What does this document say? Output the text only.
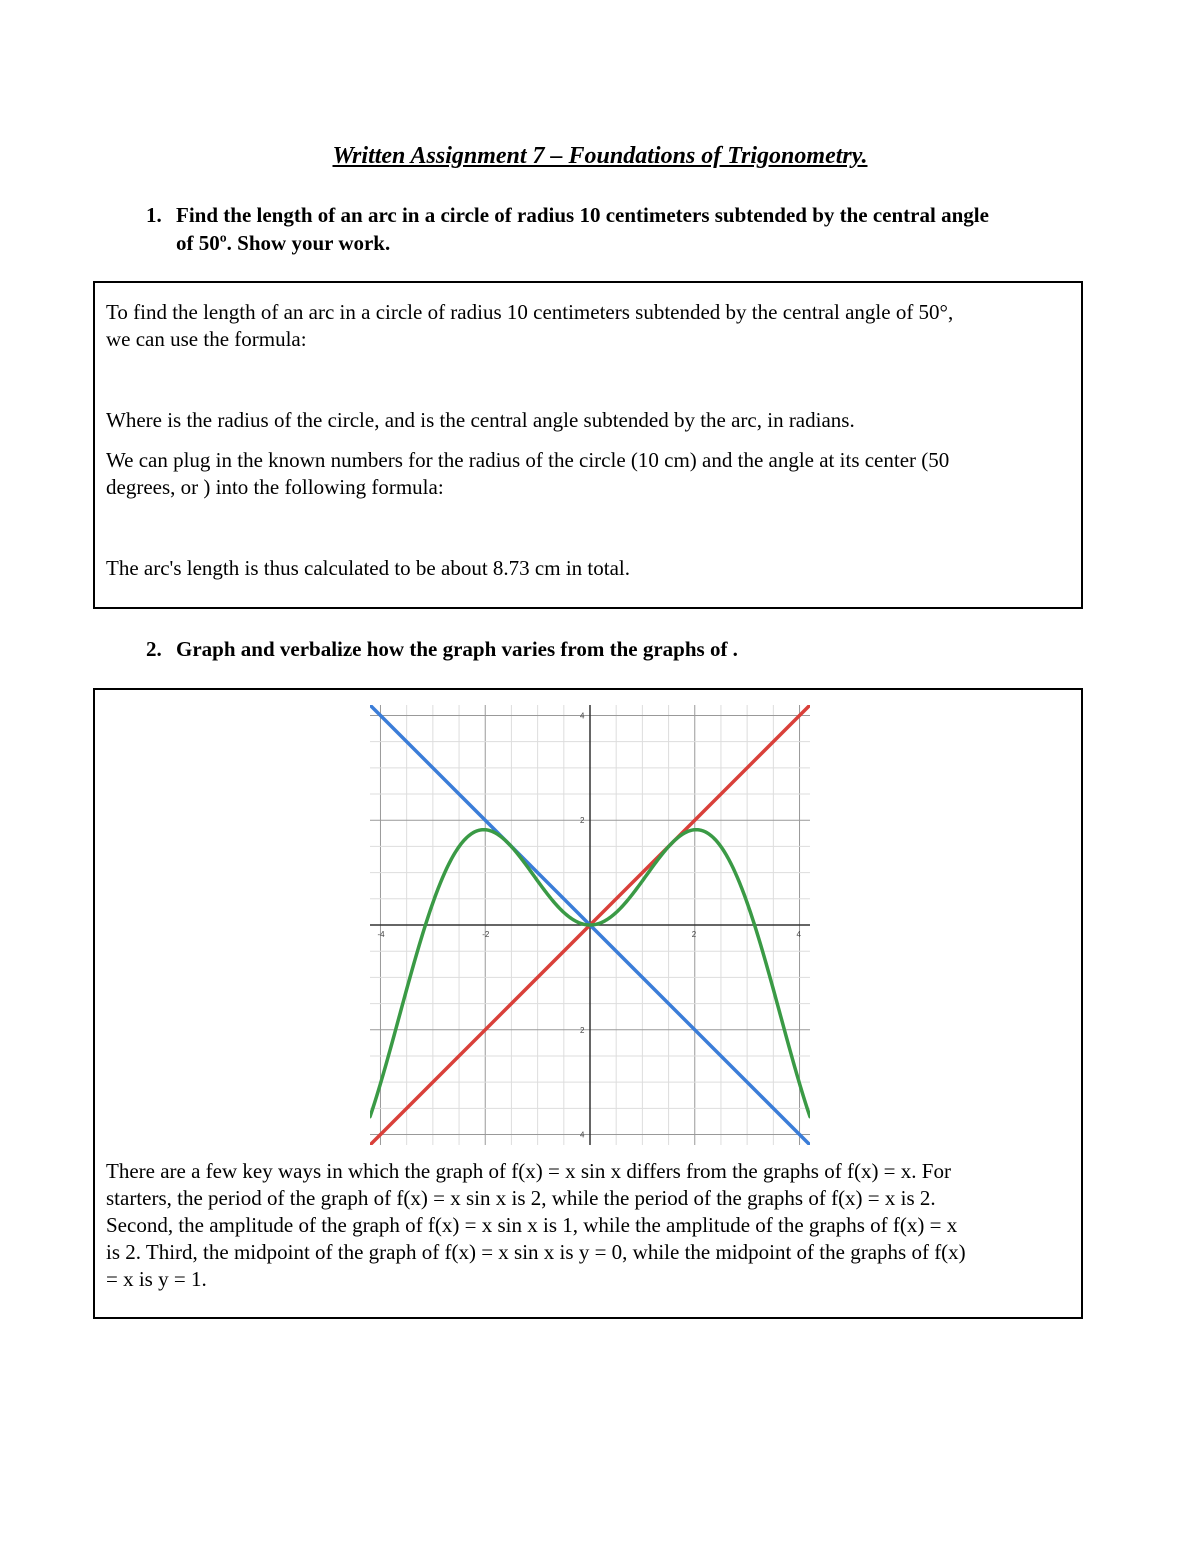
Written Assignment 7 – Foundations of Trigonometry.
1. Find the length of an arc in a circle of radius 10 centimeters subtended by the central angle
of 50º. Show your work.
To find the length of an arc in a circle of radius 10 centimeters subtended by the central angle of 50°,
we can use the formula:
Where is the radius of the circle, and is the central angle subtended by the arc, in radians.
We can plug in the known numbers for the radius of the circle (10 cm) and the angle at its center (50
degrees, or ) into the following formula:
The arc's length is thus calculated to be about 8.73 cm in total.
2. Graph and verbalize how the graph varies from the graphs of .
-4	-2	2	4
4
2
2
4
There are a few key ways in which the graph of f(x) = x sin x differs from the graphs of f(x) = x. For
starters, the period of the graph of f(x) = x sin x is 2, while the period of the graphs of f(x) = x is 2.
Second, the amplitude of the graph of f(x) = x sin x is 1, while the amplitude of the graphs of f(x) = x
is 2. Third, the midpoint of the graph of f(x) = x sin x is y = 0, while the midpoint of the graphs of f(x)
= x is y = 1.
